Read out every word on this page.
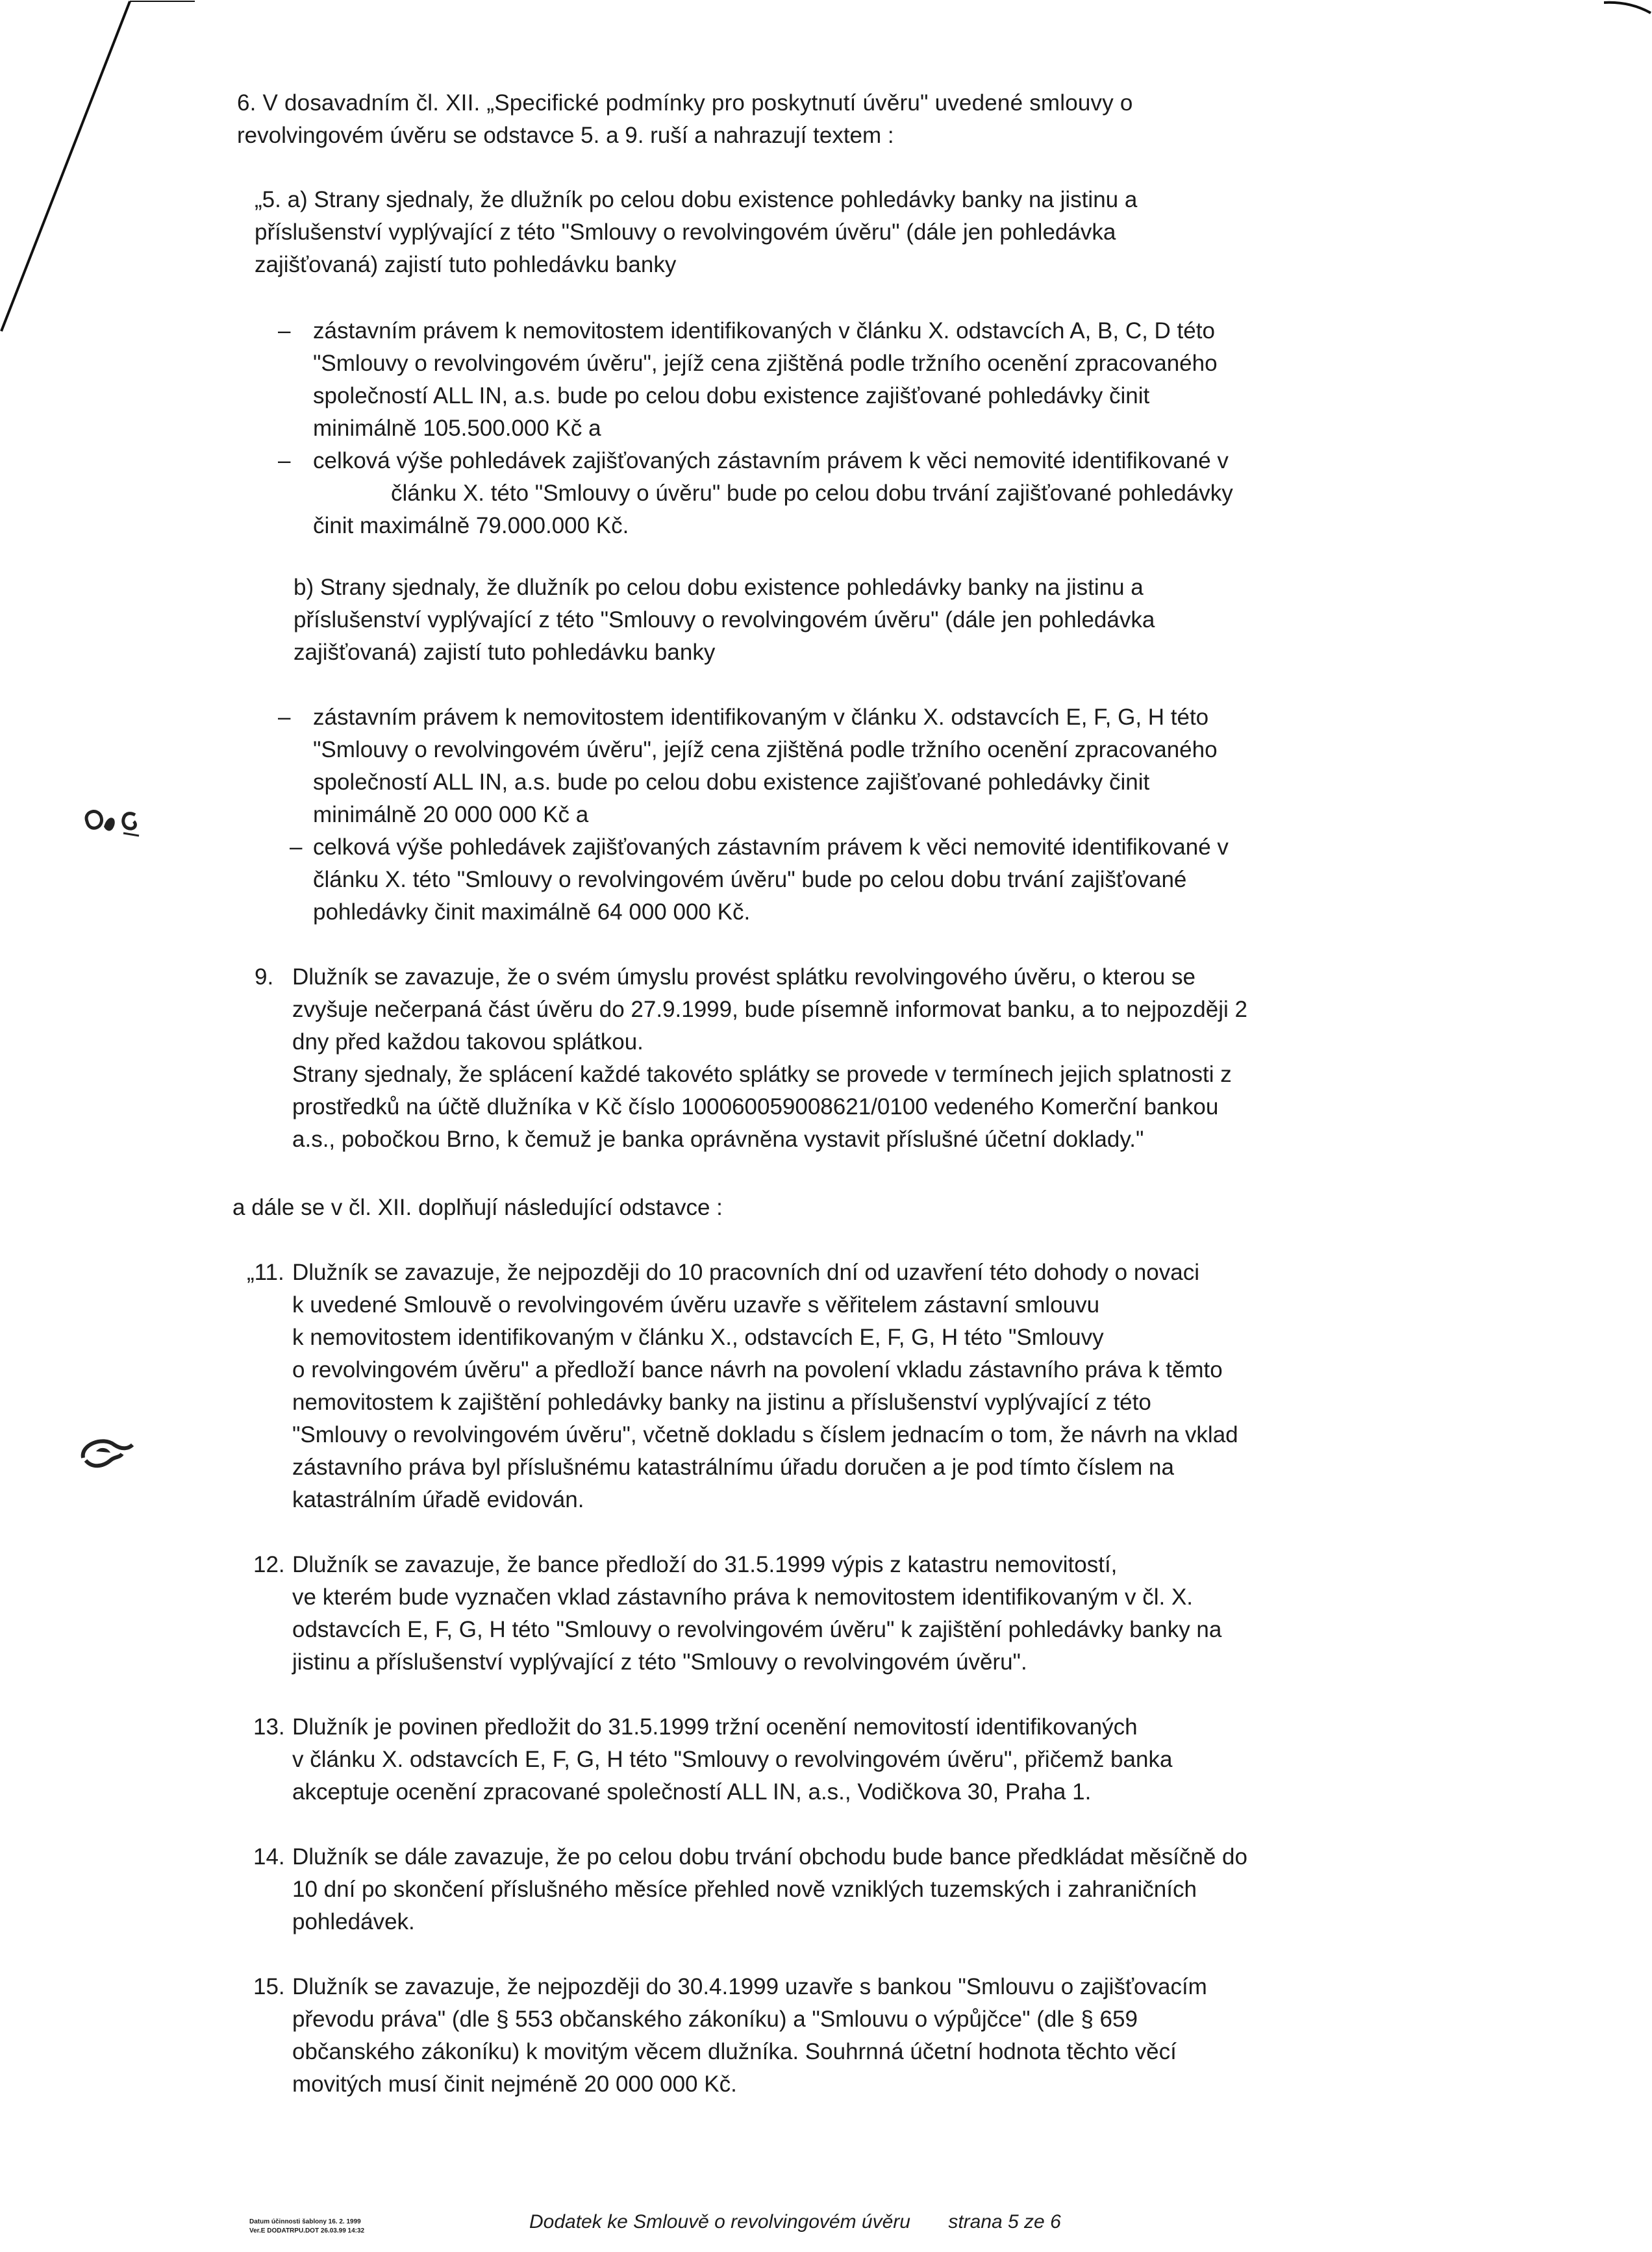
6. V dosavadním čl. XII. „Specifické podmínky pro poskytnutí úvěru" uvedené smlouvy o
revolvingovém úvěru se odstavce 5. a 9. ruší a nahrazují textem :
„5. a) Strany sjednaly, že dlužník po celou dobu existence pohledávky banky na jistinu a
příslušenství vyplývající z této "Smlouvy o revolvingovém úvěru" (dále jen pohledávka
zajišťovaná) zajistí tuto pohledávku banky
– zástavním právem k nemovitostem identifikovaných v článku X. odstavcích A, B, C, D této
"Smlouvy o revolvingovém úvěru", jejíž cena zjištěná podle tržního ocenění zpracovaného
společností ALL IN, a.s. bude po celou dobu existence zajišťované pohledávky činit
minimálně 105.500.000 Kč a
– celková výše pohledávek zajišťovaných zástavním právem k věci nemovité identifikované v
článku X. této "Smlouvy o úvěru" bude po celou dobu trvání zajišťované pohledávky
činit maximálně 79.000.000 Kč.
b) Strany sjednaly, že dlužník po celou dobu existence pohledávky banky na jistinu a
příslušenství vyplývající z této "Smlouvy o revolvingovém úvěru" (dále jen pohledávka
zajišťovaná) zajistí tuto pohledávku banky
– zástavním právem k nemovitostem identifikovaným v článku X. odstavcích E, F, G, H této
"Smlouvy o revolvingovém úvěru", jejíž cena zjištěná podle tržního ocenění zpracovaného
společností ALL IN, a.s. bude po celou dobu existence zajišťované pohledávky činit
minimálně 20 000 000 Kč a
– celková výše pohledávek zajišťovaných zástavním právem k věci nemovité identifikované v
článku X. této "Smlouvy o revolvingovém úvěru" bude po celou dobu trvání zajišťované
pohledávky činit maximálně 64 000 000 Kč.
9. Dlužník se zavazuje, že o svém úmyslu provést splátku revolvingového úvěru, o kterou se
zvyšuje nečerpaná část úvěru do 27.9.1999, bude písemně informovat banku, a to nejpozději 2
dny před každou takovou splátkou.
Strany sjednaly, že splácení každé takovéto splátky se provede v termínech jejich splatnosti z
prostředků na účtě dlužníka v Kč číslo 100060059008621/0100 vedeného Komerční bankou
a.s., pobočkou Brno, k čemuž je banka oprávněna vystavit příslušné účetní doklady."
a dále se v čl. XII. doplňují následující odstavce :
„11. Dlužník se zavazuje, že nejpozději do 10 pracovních dní od uzavření této dohody o novaci
k uvedené Smlouvě o revolvingovém úvěru uzavře s věřitelem zástavní smlouvu
k nemovitostem identifikovaným v článku X., odstavcích E, F, G, H této "Smlouvy
o revolvingovém úvěru" a předloží bance návrh na povolení vkladu zástavního práva k těmto
nemovitostem k zajištění pohledávky banky na jistinu a příslušenství vyplývající z této
"Smlouvy o revolvingovém úvěru", včetně dokladu s číslem jednacím o tom, že návrh na vklad
zástavního práva byl příslušnému katastrálnímu úřadu doručen a je pod tímto číslem na
katastrálním úřadě evidován.
12. Dlužník se zavazuje, že bance předloží do 31.5.1999 výpis z katastru nemovitostí,
ve kterém bude vyznačen vklad zástavního práva k nemovitostem identifikovaným v čl. X.
odstavcích E, F, G, H této "Smlouvy o revolvingovém úvěru" k zajištění pohledávky banky na
jistinu a příslušenství vyplývající z této "Smlouvy o revolvingovém úvěru".
13. Dlužník je povinen předložit do 31.5.1999 tržní ocenění nemovitostí identifikovaných
v článku X. odstavcích E, F, G, H této "Smlouvy o revolvingovém úvěru", přičemž banka
akceptuje ocenění zpracované společností ALL IN, a.s., Vodičkova 30, Praha 1.
14. Dlužník se dále zavazuje, že po celou dobu trvání obchodu bude bance předkládat měsíčně do
10 dní po skončení příslušného měsíce přehled nově vzniklých tuzemských i zahraničních
pohledávek.
15. Dlužník se zavazuje, že nejpozději do 30.4.1999 uzavře s bankou "Smlouvu o zajišťovacím
převodu práva" (dle § 553 občanského zákoníku) a "Smlouvu o výpůjčce" (dle § 659
občanského zákoníku) k movitým věcem dlužníka. Souhrnná účetní hodnota těchto věcí
movitých musí činit nejméně 20 000 000 Kč.
Dodatek ke Smlouvě o revolvingovém úvěru strana 5 ze 6
Datum účinnosti šablony 16. 2. 1999
Ver.E DODATRPU.DOT 26.03.99 14:32
